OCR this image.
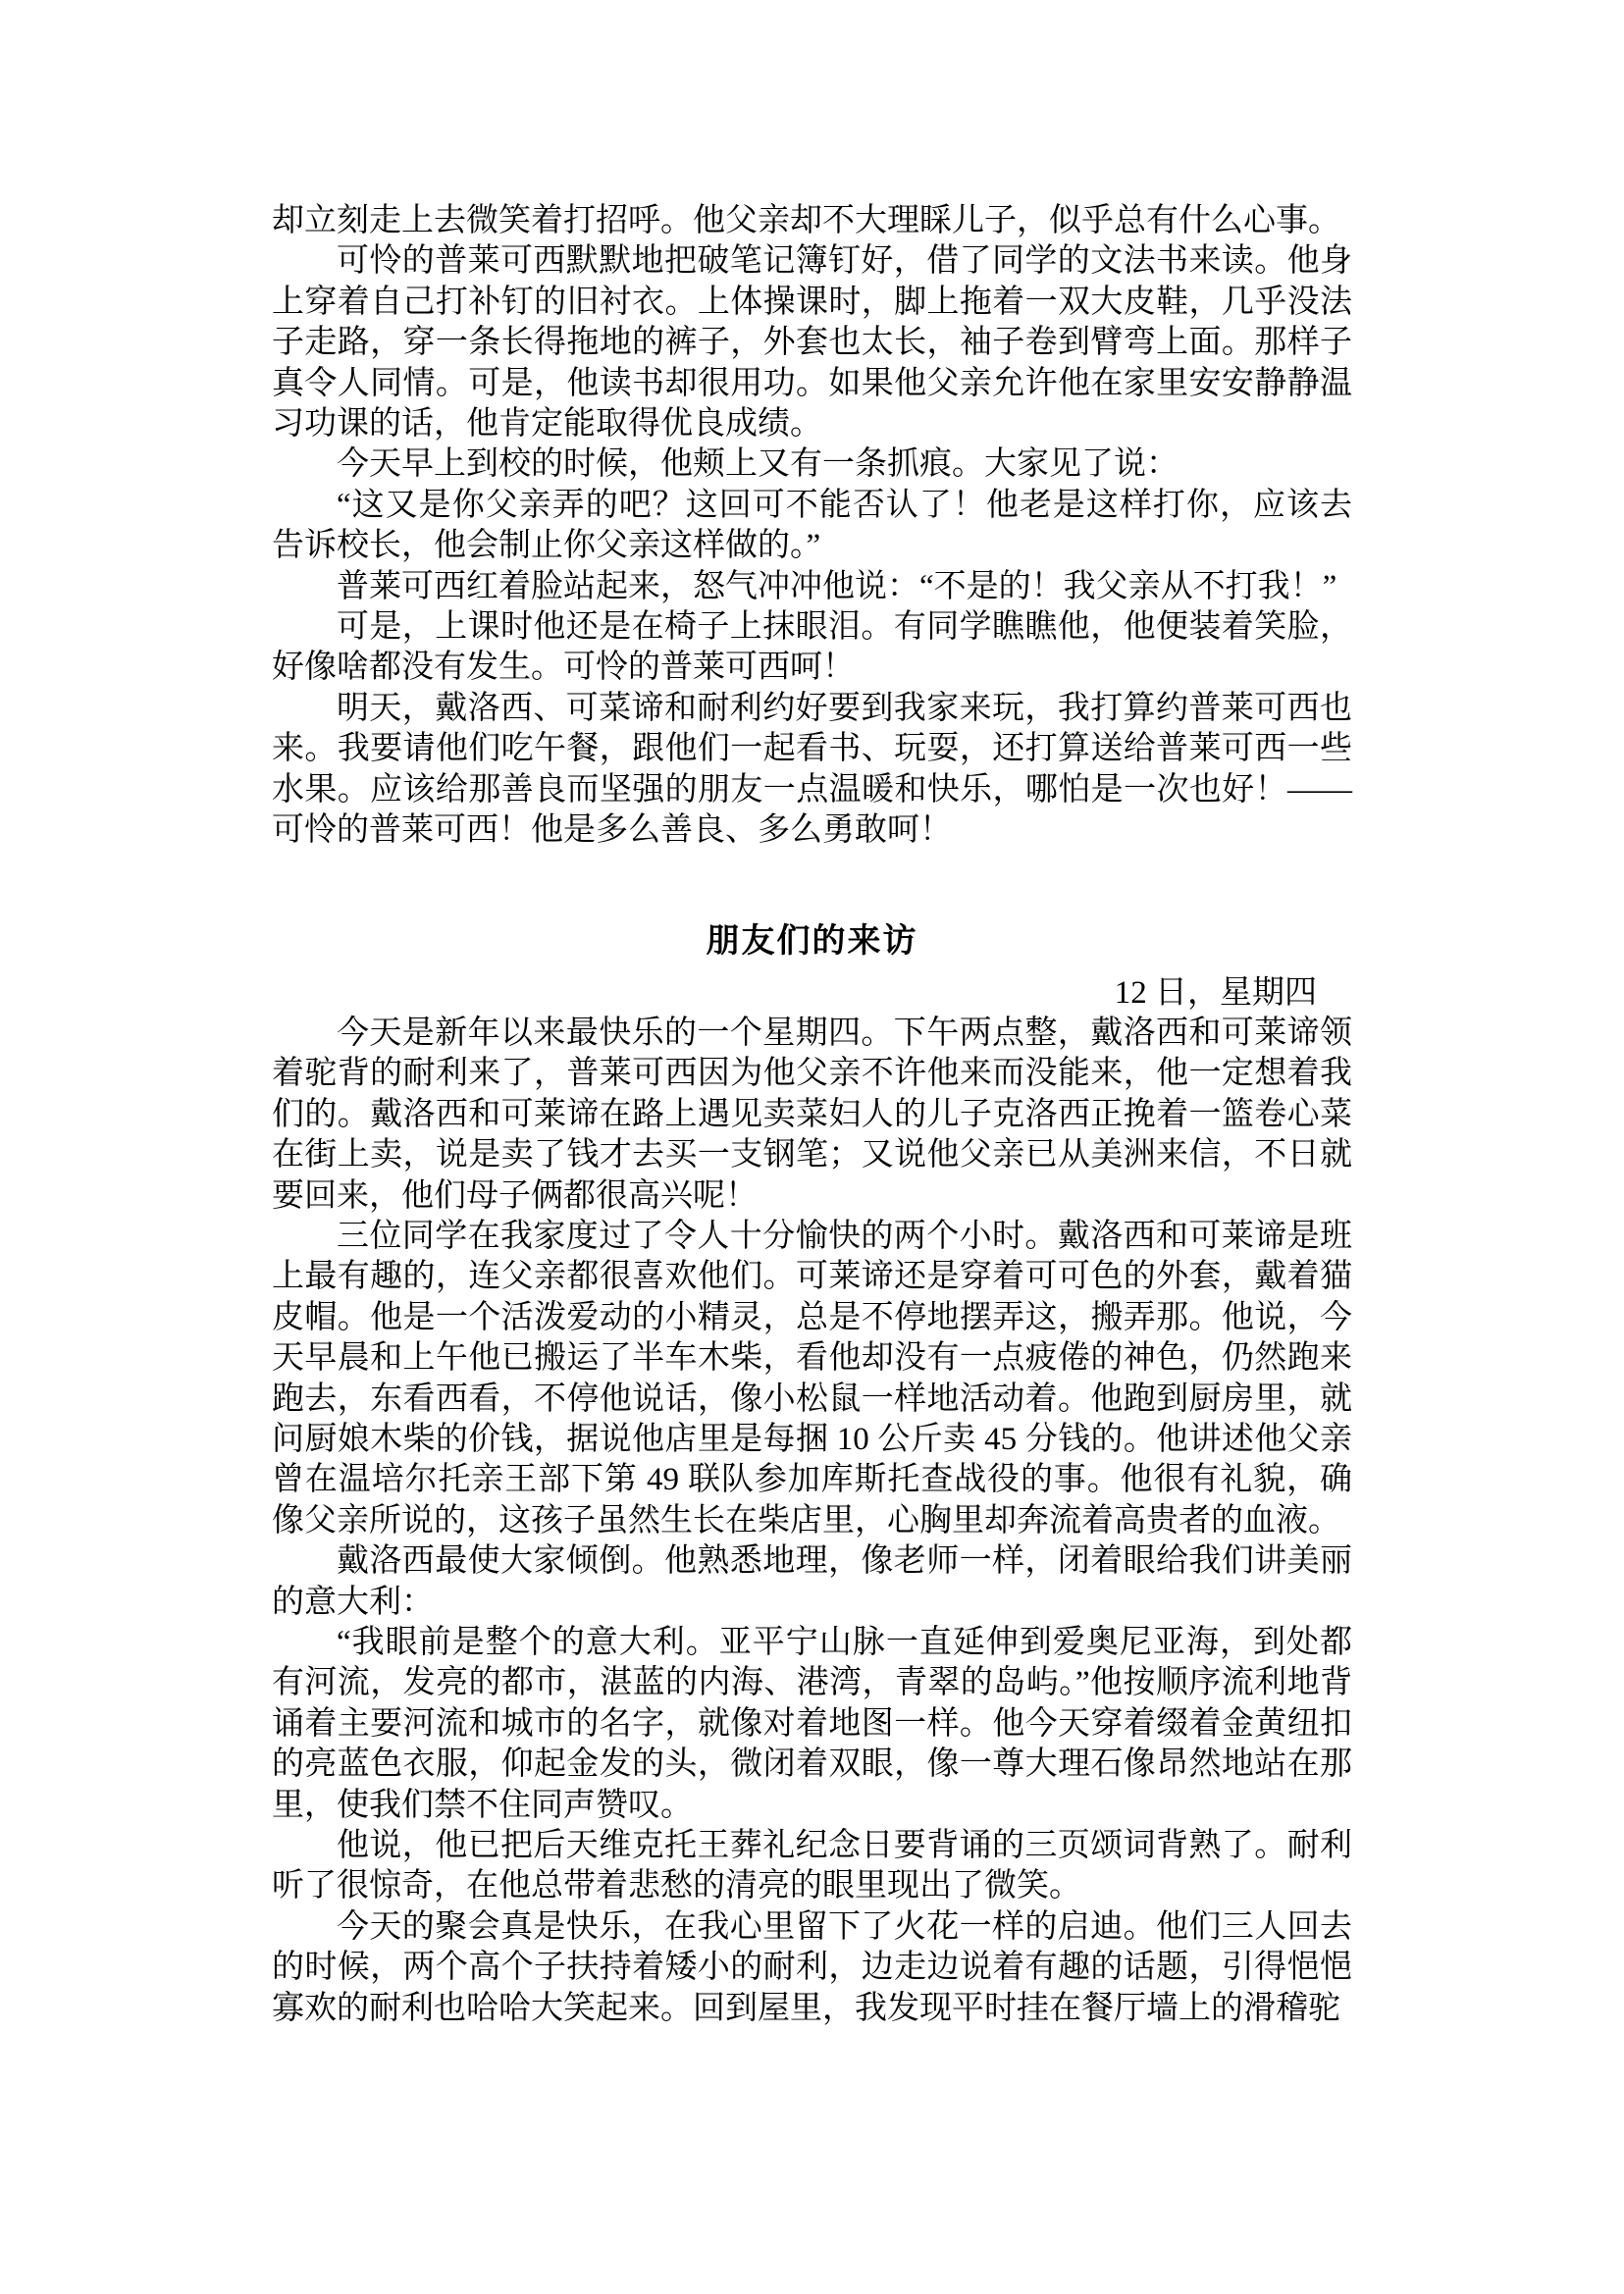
却立刻走上去微笑着打招呼。他父亲却不大理睬儿子，似乎总有什么心事。

可怜的普莱可西默默地把破笔记簿钉好，借了同学的文法书来读。他身上穿着自己打补钉的旧衬衣。上体操课时，脚上拖着一双大皮鞋，几乎没法子走路，穿一条长得拖地的裤子，外套也太长，袖子卷到臂弯上面。那样子真令人同情。可是，他读书却很用功。如果他父亲允许他在家里安安静静温习功课的话，他肯定能取得优良成绩。

今天早上到校的时候，他颊上又有一条抓痕。大家见了说：

“这又是你父亲弄的吧？这回可不能否认了！他老是这样打你，应该去告诉校长，他会制止你父亲这样做的。”

普莱可西红着脸站起来，怒气冲冲他说：“不是的！我父亲从不打我！”

可是，上课时他还是在椅子上抹眼泪。有同学瞧瞧他，他便装着笑脸，好像啥都没有发生。可怜的普莱可西呵！

明天，戴洛西、可菜谛和耐利约好要到我家来玩，我打算约普莱可西也来。我要请他们吃午餐，跟他们一起看书、玩耍，还打算送给普莱可西一些水果。应该给那善良而坚强的朋友一点温暖和快乐，哪怕是一次也好！——可怜的普莱可西！他是多么善良、多么勇敢呵！

朋友们的来访
12 日，星期四

今天是新年以来最快乐的一个星期四。下午两点整，戴洛西和可莱谛领着驼背的耐利来了，普莱可西因为他父亲不许他来而没能来，他一定想着我们的。戴洛西和可莱谛在路上遇见卖菜妇人的儿子克洛西正挽着一篮卷心菜在街上卖，说是卖了钱才去买一支钢笔；又说他父亲已从美洲来信，不日就要回来，他们母子俩都很高兴呢！

三位同学在我家度过了令人十分愉快的两个小时。戴洛西和可莱谛是班上最有趣的，连父亲都很喜欢他们。可莱谛还是穿着可可色的外套，戴着猫皮帽。他是一个活泼爱动的小精灵，总是不停地摆弄这，搬弄那。他说，今天早晨和上午他已搬运了半车木柴，看他却没有一点疲倦的神色，仍然跑来跑去，东看西看，不停他说话，像小松鼠一样地活动着。他跑到厨房里，就问厨娘木柴的价钱，据说他店里是每捆 10 公斤卖 45 分钱的。他讲述他父亲曾在温培尔托亲王部下第 49 联队参加库斯托查战役的事。他很有礼貌，确像父亲所说的，这孩子虽然生长在柴店里，心胸里却奔流着高贵者的血液。

戴洛西最使大家倾倒。他熟悉地理，像老师一样，闭着眼给我们讲美丽的意大利：

“我眼前是整个的意大利。亚平宁山脉一直延伸到爱奥尼亚海，到处都有河流，发亮的都市，湛蓝的内海、港湾，青翠的岛屿。”他按顺序流利地背诵着主要河流和城市的名字，就像对着地图一样。他今天穿着缀着金黄纽扣的亮蓝色衣服，仰起金发的头，微闭着双眼，像一尊大理石像昂然地站在那里，使我们禁不住同声赞叹。

他说，他已把后天维克托王葬礼纪念日要背诵的三页颂词背熟了。耐利听了很惊奇，在他总带着悲愁的清亮的眼里现出了微笑。

今天的聚会真是快乐，在我心里留下了火花一样的启迪。他们三人回去的时候，两个高个子扶持着矮小的耐利，边走边说着有趣的话题，引得悒悒寡欢的耐利也哈哈大笑起来。回到屋里，我发现平时挂在餐厅墙上的滑稽驼
